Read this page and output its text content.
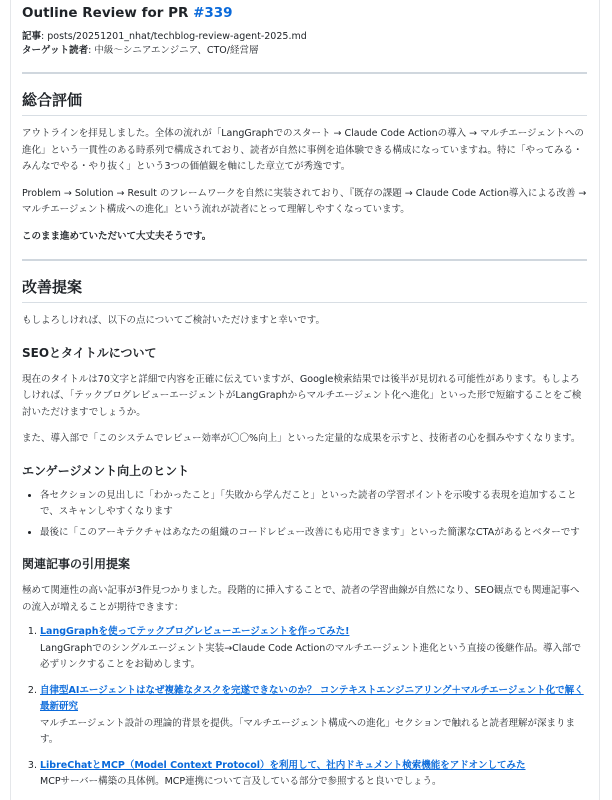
Outline Review for PR #339
記事: posts/20251201_nhat/techblog-review-agent-2025.md
ターゲット読者: 中級〜シニアエンジニア、CTO/経営層
総合評価

アウトラインを拝見しました。全体の流れが「LangGraphでのスタート → Claude Code Actionの導入 → マルチエージェントへの進化」という一貫性のある時系列で構成されており、読者が自然に事例を追体験できる構成になっていますね。特に「やってみる・みんなでやる・やり抜く」という3つの価値観を軸にした章立てが秀逸です。

Problem → Solution → Result のフレームワークを自然に実装されており、『既存の課題 → Claude Code Action導入による改善 → マルチエージェント構成への進化』という流れが読者にとって理解しやすくなっています。

このまま進めていただいて大丈夫そうです。

改善提案

もしよろしければ、以下の点についてご検討いただけますと幸いです。

SEOとタイトルについて

現在のタイトルは70文字と詳細で内容を正確に伝えていますが、Google検索結果では後半が見切れる可能性があります。もしよろしければ、「テックブログレビューエージェントがLangGraphからマルチエージェント化へ進化」といった形で短縮することをご検討いただけますでしょうか。

また、導入部で「このシステムでレビュー効率が〇〇%向上」といった定量的な成果を示すと、技術者の心を掴みやすくなります。

エンゲージメント向上のヒント
• 各セクションの見出しに「わかったこと」「失敗から学んだこと」といった読者の学習ポイントを示唆する表現を追加することで、スキャンしやすくなります
• 最後に「このアーキテクチャはあなたの組織のコードレビュー改善にも応用できます」といった簡潔なCTAがあるとベターです
関連記事の引用提案

極めて関連性の高い記事が3件見つかりました。段階的に挿入することで、読者の学習曲線が自然になり、SEO観点でも関連記事への流入が増えることが期待できます：

1. LangGraphを使ってテックブログレビューエージェントを作ってみた!
LangGraphでのシングルエージェント実装→Claude Code Actionのマルチエージェント進化という直接の後継作品。導入部で必ずリンクすることをお勧めします。
2. 自律型AIエージェントはなぜ複雑なタスクを完遂できないのか？ コンテキストエンジニアリング＋マルチエージェント化で解く最新研究
マルチエージェント設計の理論的背景を提供。「マルチエージェント構成への進化」セクションで触れると読者理解が深まります。
3. LibreChatとMCP（Model Context Protocol）を利用して、社内ドキュメント検索機能をアドオンしてみた
MCPサーバー構築の具体例。MCP連携について言及している部分で参照すると良いでしょう。
